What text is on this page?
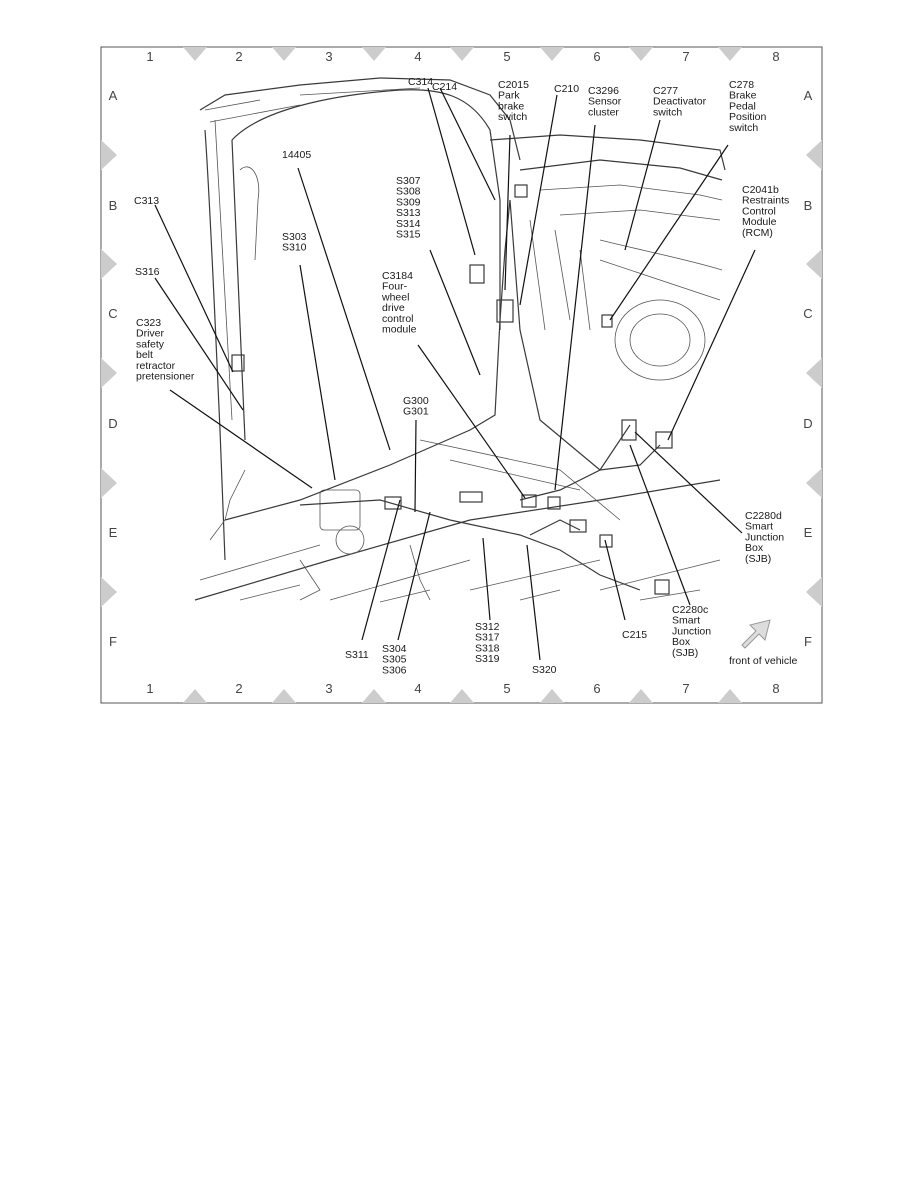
1
1
2
2
3
3
4
4
5
5
6
6
7
7
8
8
A	A
B	B
C	C
D	D
E	E
F	F
C314
C214	C2015 Park brake switch
C210 C3296 Sensor cluster
C277 Deactivator switch
C278 Brake Pedal Position switch
C2041b Restraints Control Module (RCM)
C313
14405
S307 S308 S309 S313 S314 S315
S303 S310
S316	C3184 Four-wheel drive control module
C323 Driver safety belt retractor pretensioner
G300 G301
C2280d Smart Junction Box (SJB)
C2280c Smart Junction Box (SJB)
S311 S304 S305 S306
S312 S317 S318 S319
S320
C215
front of vehicle
